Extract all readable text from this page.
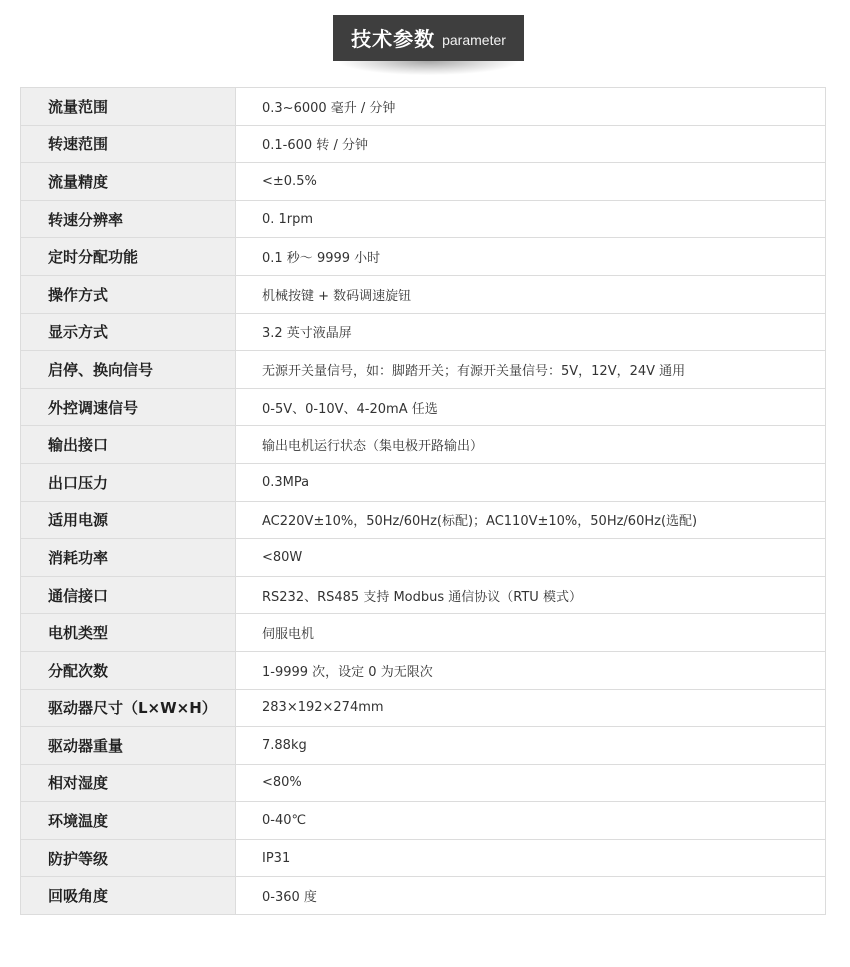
技术参数 parameter
流量范围	0.3~6000 毫升 / 分钟
转速范围	0.1-600 转 / 分钟
流量精度	<±0.5%
转速分辨率	0. 1rpm
定时分配功能	0.1 秒～ 9999 小时
操作方式	机械按键 + 数码调速旋钮
显示方式	3.2 英寸液晶屏
启停、换向信号	无源开关量信号，如：脚踏开关；有源开关量信号：5V，12V，24V 通用
外控调速信号	0-5V、0-10V、4-20mA 任选
输出接口	输出电机运行状态（集电极开路输出）
出口压力	0.3MPa
适用电源	AC220V±10%，50Hz/60Hz(标配)；AC110V±10%，50Hz/60Hz(选配)
消耗功率	<80W
通信接口	RS232、RS485 支持 Modbus 通信协议（RTU 模式）
电机类型	伺服电机
分配次数	1-9999 次，设定 0 为无限次
驱动器尺寸（L×W×H）	283×192×274mm
驱动器重量	7.88kg
相对湿度	<80%
环境温度	0-40℃
防护等级	IP31
回吸角度	0-360 度
